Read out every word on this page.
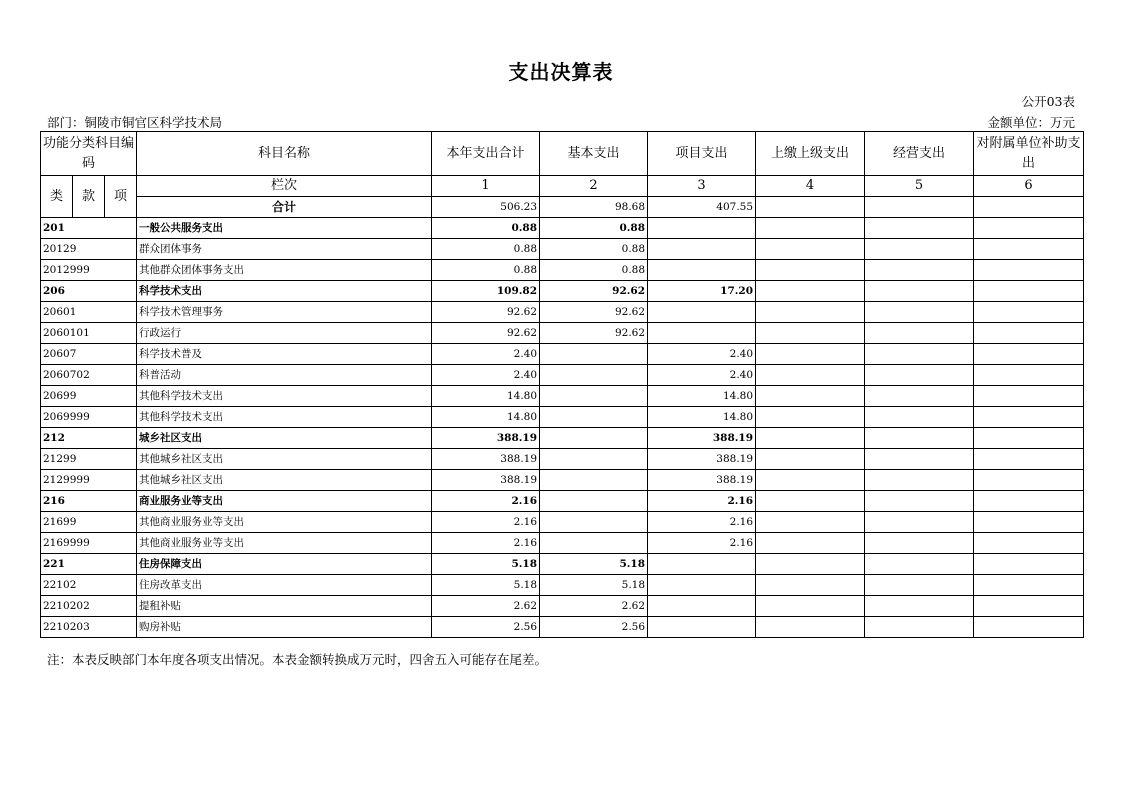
支出决算表
公开03表
部门：铜陵市铜官区科学技术局	金额单位：万元
功能分类科目编码			科目名称	本年支出合计	基本支出	项目支出	上缴上级支出	经营支出	对附属单位补助支出
类	款	项	栏次	1	2	3	4	5	6
			合计	506.23	98.68	407.55			
201			一般公共服务支出	0.88	0.88				
20129			群众团体事务	0.88	0.88				
2012999			其他群众团体事务支出	0.88	0.88				
206			科学技术支出	109.82	92.62	17.20			
20601			科学技术管理事务	92.62	92.62				
2060101			行政运行	92.62	92.62				
20607			科学技术普及	2.40		2.40			
2060702			科普活动	2.40		2.40			
20699			其他科学技术支出	14.80		14.80			
2069999			其他科学技术支出	14.80		14.80			
212			城乡社区支出	388.19		388.19			
21299			其他城乡社区支出	388.19		388.19			
2129999			其他城乡社区支出	388.19		388.19			
216			商业服务业等支出	2.16		2.16			
21699			其他商业服务业等支出	2.16		2.16			
2169999			其他商业服务业等支出	2.16		2.16			
221			住房保障支出	5.18	5.18				
22102			住房改革支出	5.18	5.18				
2210202			提租补贴	2.62	2.62				
2210203			购房补贴	2.56	2.56				
注：本表反映部门本年度各项支出情况。本表金额转换成万元时，四舍五入可能存在尾差。
